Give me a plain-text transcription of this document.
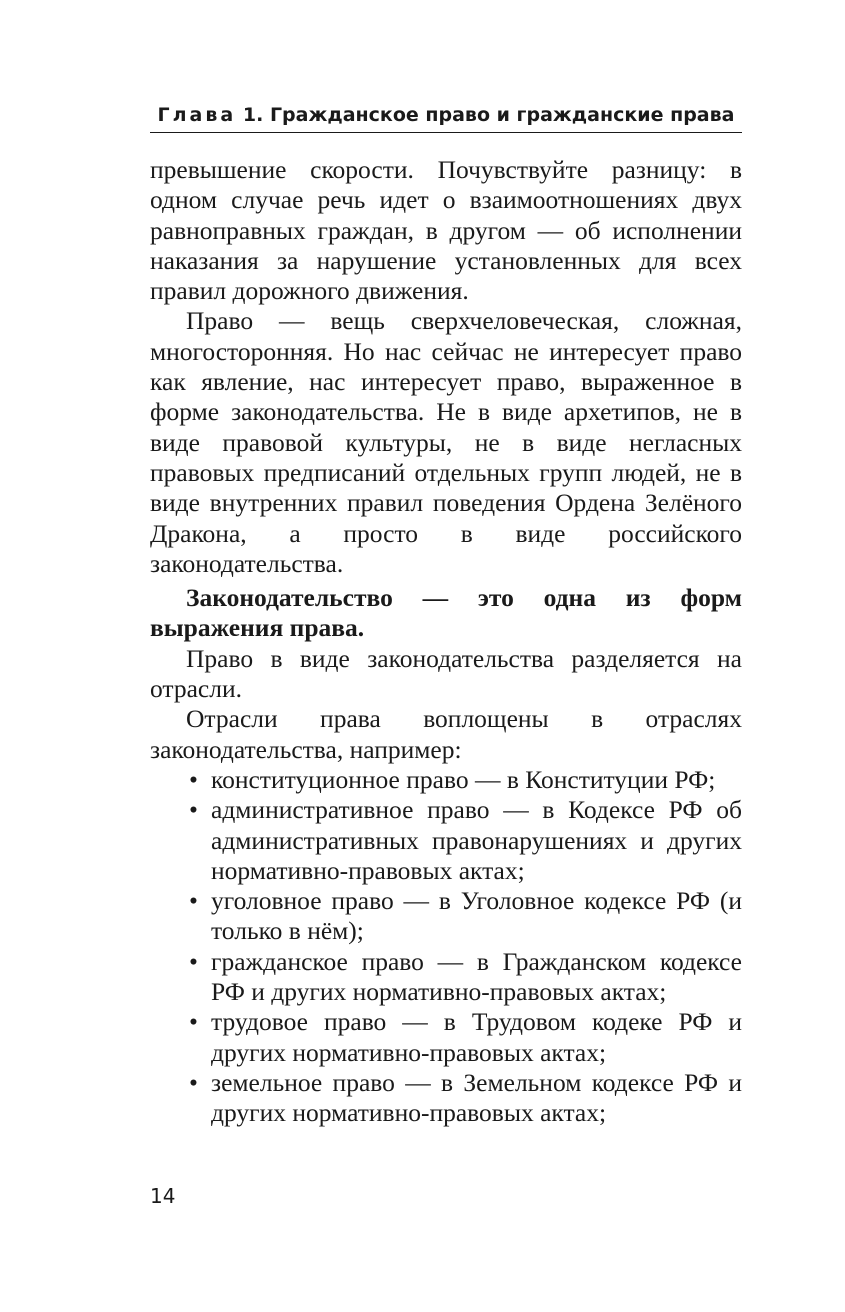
Глава 1. Гражданское право и гражданские права

превышение скорости. Почувствуйте разницу: в одном случае речь идет о взаимоотношениях двух равноправных граждан, в другом — об исполнении наказания за нарушение установленных для всех правил дорожного движения.

Право — вещь сверхчеловеческая, сложная, многосторонняя. Но нас сейчас не интересует право как явление, нас интересует право, выраженное в форме законодательства. Не в виде архетипов, не в виде правовой культуры, не в виде негласных правовых предписаний отдельных групп людей, не в виде внутренних правил поведения Ордена Зелёного Дракона, а просто в виде российского законодательства.

Законодательство — это одна из форм выражения права.

Право в виде законодательства разделяется на отрасли.

Отрасли права воплощены в отраслях законодательства, например:

• конституционное право — в Конституции РФ;
• административное право — в Кодексе РФ об административных правонарушениях и других нормативно-правовых актах;
• уголовное право — в Уголовное кодексе РФ (и только в нём);
• гражданское право — в Гражданском кодексе РФ и других нормативно-правовых актах;
• трудовое право — в Трудовом кодеке РФ и других нормативно-правовых актах;
• земельное право — в Земельном кодексе РФ и других нормативно-правовых актах;
14
